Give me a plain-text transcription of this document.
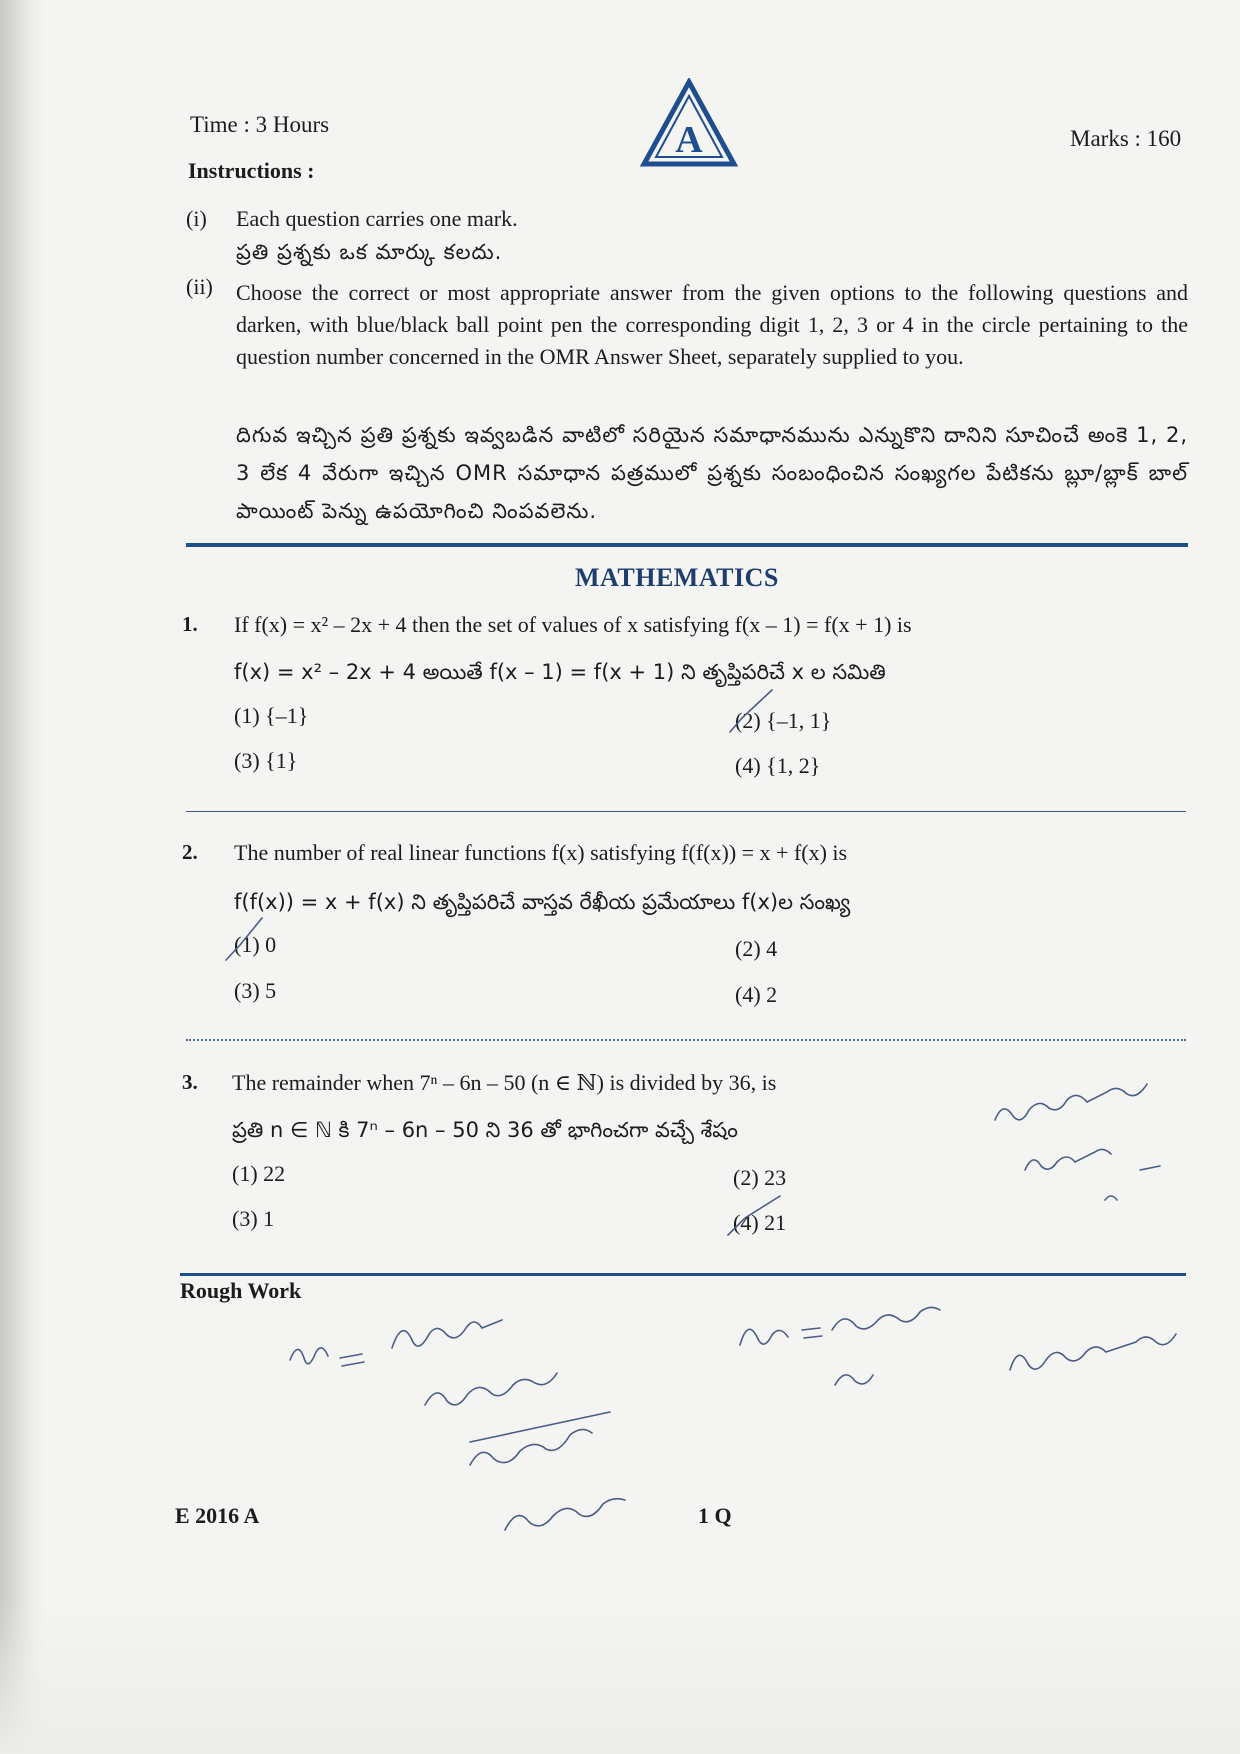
Time : 3 Hours	A	Marks : 160
Instructions :
(i) Each question carries one mark.
ప్రతి ప్రశ్నకు ఒక మార్కు కలదు.
(ii) Choose the correct or most appropriate answer from the given options to the following questions and darken, with blue/black ball point pen the corresponding digit 1, 2, 3 or 4 in the circle pertaining to the question number concerned in the OMR Answer Sheet, separately supplied to you.
దిగువ ఇచ్చిన ప్రతి ప్రశ్నకు ఇవ్వబడిన వాటిలో సరియైన సమాధానమును ఎన్నుకొని దానిని సూచించే అంకె 1, 2, 3 లేక 4 వేరుగా ఇచ్చిన OMR సమాధాన పత్రములో ప్రశ్నకు సంబంధించిన సంఖ్యగల పేటికను బ్లూ/బ్లాక్ బాల్ పాయింట్ పెన్ను ఉపయోగించి నింపవలెను.
MATHEMATICS
1. If f(x) = x² – 2x + 4 then the set of values of x satisfying f(x – 1) = f(x + 1) is
f(x) = x² – 2x + 4 అయితే f(x – 1) = f(x + 1) ని తృప్తిపరిచే x ల సమితి
(1) {–1}	(2) {–1, 1}
(3) {1}	(4) {1, 2}
2. The number of real linear functions f(x) satisfying f(f(x)) = x + f(x) is
f(f(x)) = x + f(x) ని తృప్తిపరిచే వాస్తవ రేఖీయ ప్రమేయాలు f(x)ల సంఖ్య
(1) 0	(2) 4
(3) 5	(4) 2
3. The remainder when 7ⁿ – 6n – 50 (n ∈ ℕ) is divided by 36, is
ప్రతి n ∈ ℕ కి 7ⁿ – 6n – 50 ని 36 తో భాగించగా వచ్చే శేషం
(1) 22	(2) 23
(3) 1	(4) 21
Rough Work
E 2016 A	1 Q
